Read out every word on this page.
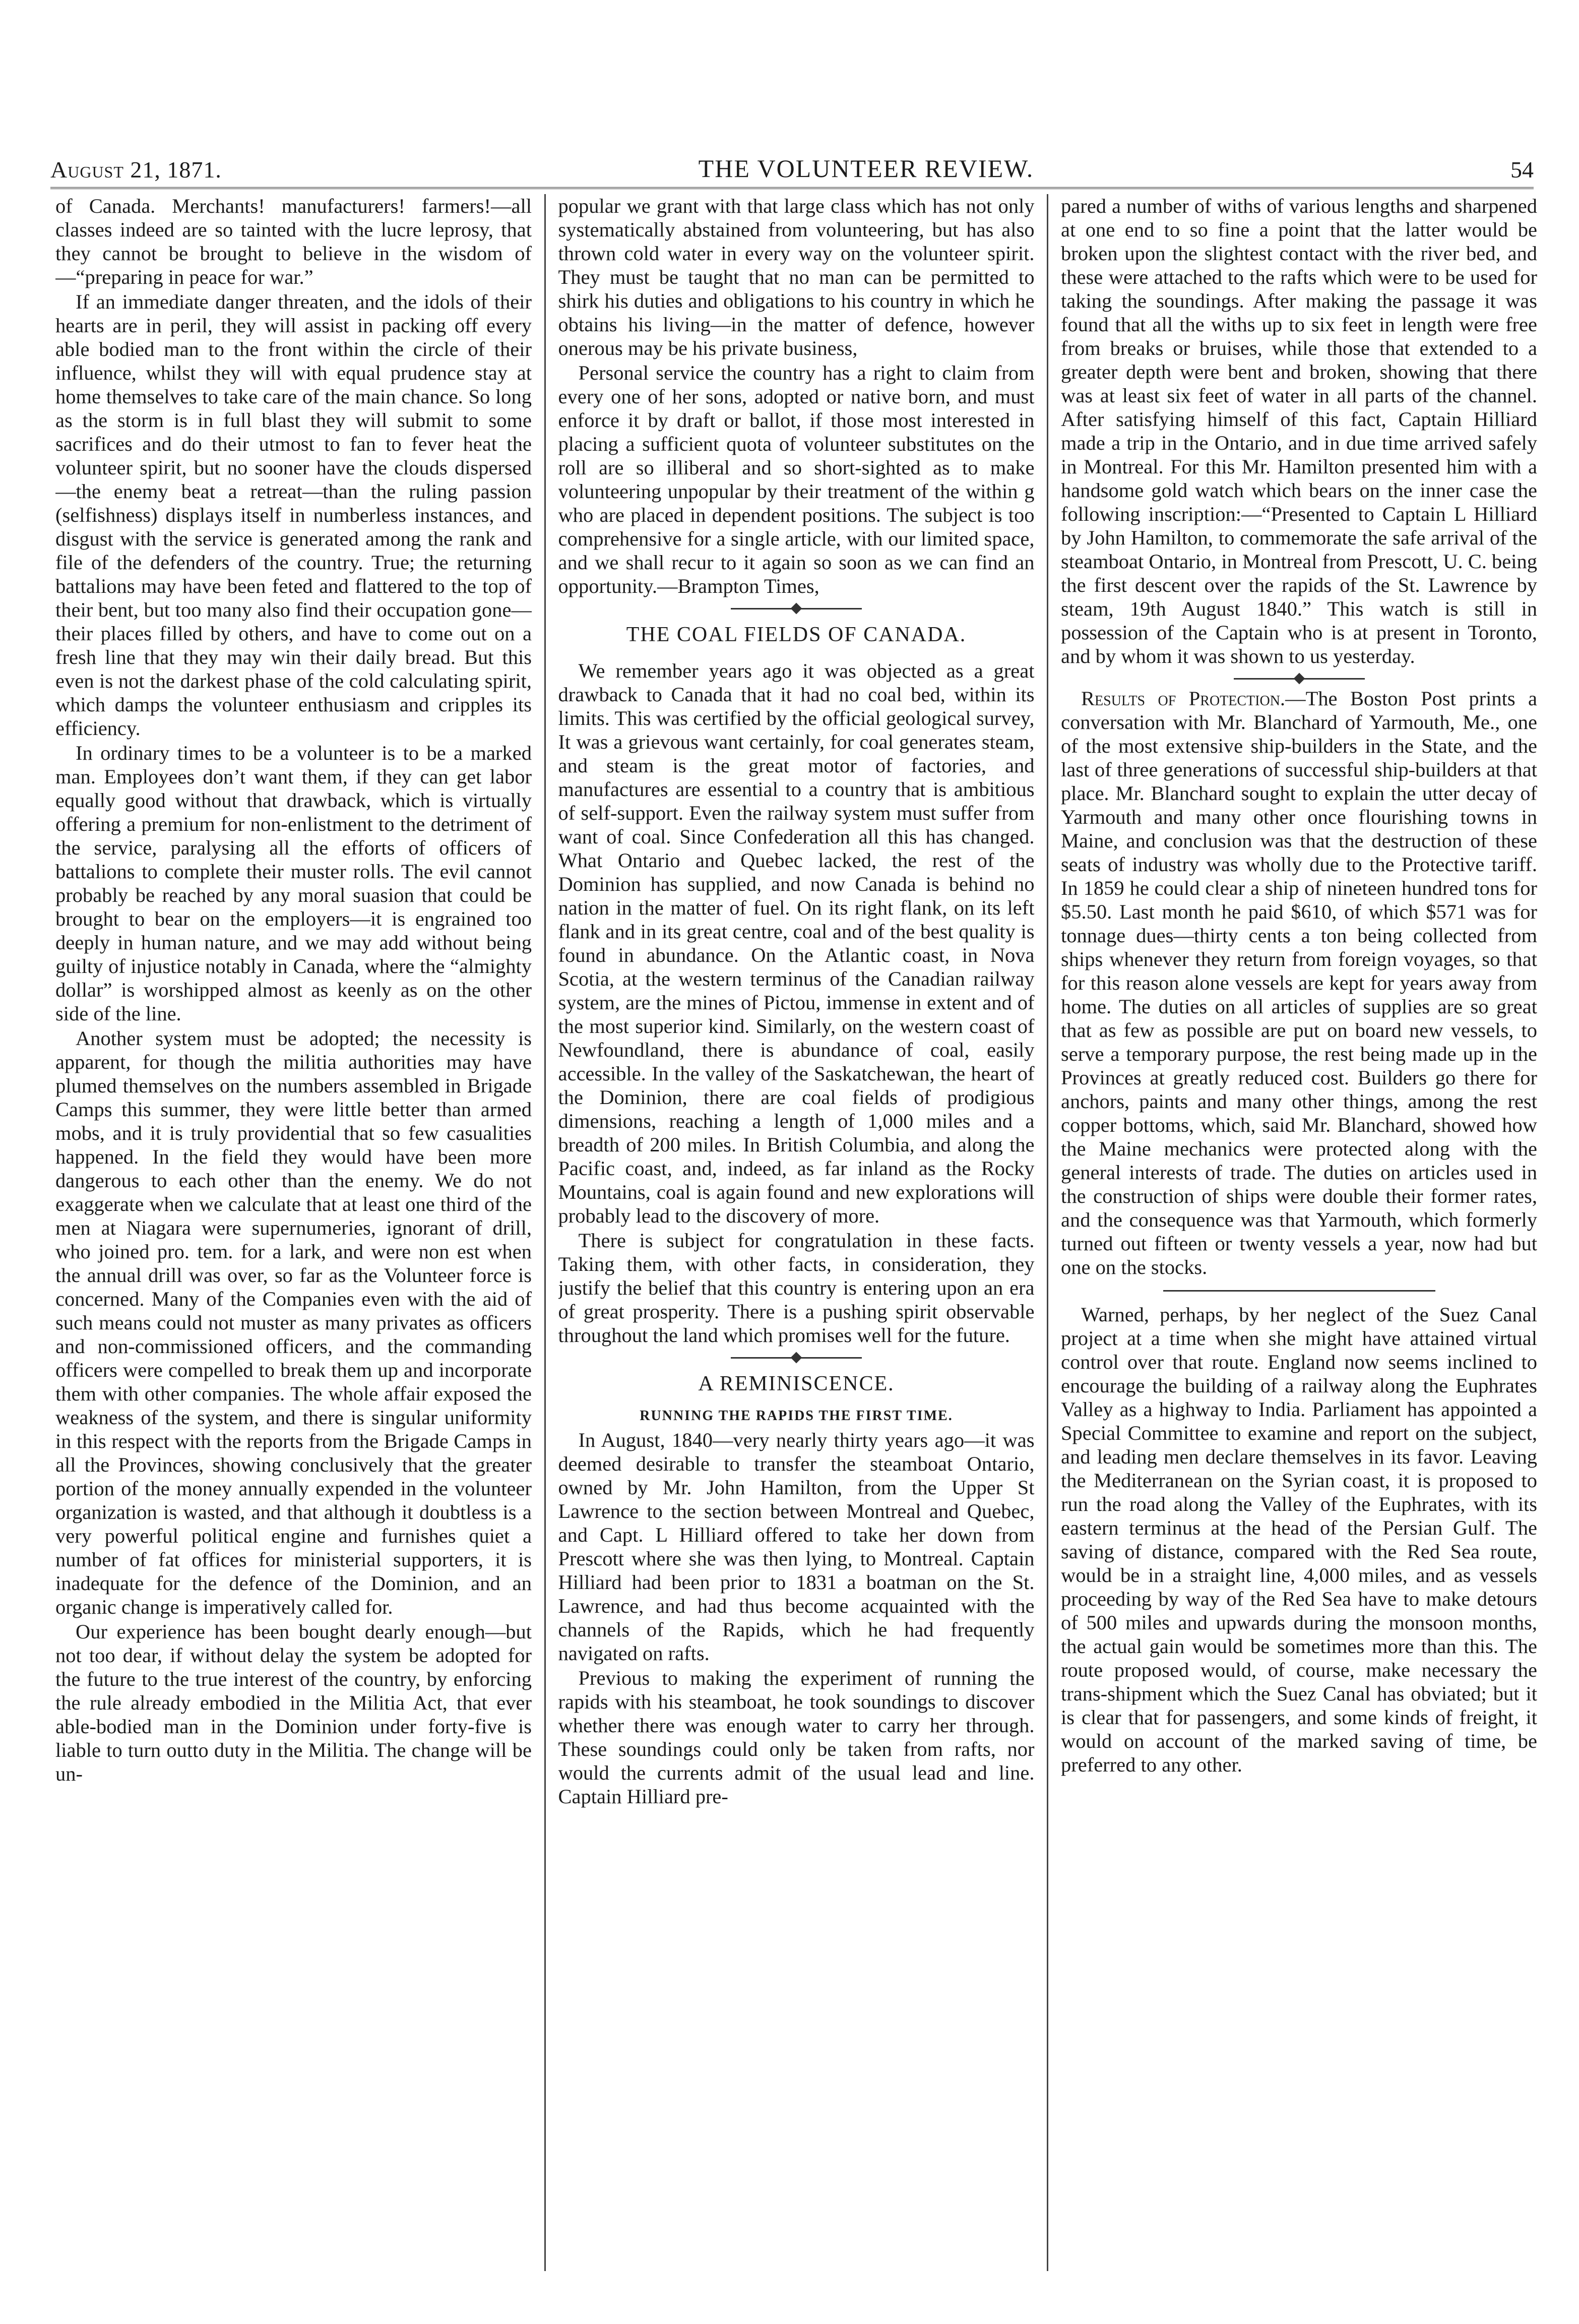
August 21, 1871.	THE VOLUNTEER REVIEW.	54

of Canada. Merchants! manufacturers! farmers!—all classes indeed are so tainted with the lucre leprosy, that they cannot be brought to believe in the wisdom of—“preparing in peace for war.”

If an immediate danger threaten, and the idols of their hearts are in peril, they will assist in packing off every able bodied man to the front within the circle of their influence, whilst they will with equal prudence stay at home themselves to take care of the main chance. So long as the storm is in full blast they will submit to some sacrifices and do their utmost to fan to fever heat the volunteer spirit, but no sooner have the clouds dispersed—the enemy beat a retreat—than the ruling passion (selfishness) displays itself in numberless instances, and disgust with the service is generated among the rank and file of the defenders of the country. True; the returning battalions may have been feted and flattered to the top of their bent, but too many also find their occupation gone—their places filled by others, and have to come out on a fresh line that they may win their daily bread. But this even is not the darkest phase of the cold calculating spirit, which damps the volunteer enthusiasm and cripples its efficiency.

In ordinary times to be a volunteer is to be a marked man. Employees don’t want them, if they can get labor equally good without that drawback, which is virtually offering a premium for non-enlistment to the detriment of the service, paralysing all the efforts of officers of battalions to complete their muster rolls. The evil cannot probably be reached by any moral suasion that could be brought to bear on the employers—it is engrained too deeply in human nature, and we may add without being guilty of injustice notably in Canada, where the “almighty dollar” is worshipped almost as keenly as on the other side of the line.

Another system must be adopted; the necessity is apparent, for though the militia authorities may have plumed themselves on the numbers assembled in Brigade Camps this summer, they were little better than armed mobs, and it is truly providential that so few casualities happened. In the field they would have been more dangerous to each other than the enemy. We do not exaggerate when we calculate that at least one third of the men at Niagara were supernumeries, ignorant of drill, who joined pro. tem. for a lark, and were non est when the annual drill was over, so far as the Volunteer force is concerned. Many of the Companies even with the aid of such means could not muster as many privates as officers and non-commissioned officers, and the commanding officers were compelled to break them up and incorporate them with other companies. The whole affair exposed the weakness of the system, and there is singular uniformity in this respect with the reports from the Brigade Camps in all the Provinces, showing conclusively that the greater portion of the money annually expended in the volunteer organization is wasted, and that although it doubtless is a very powerful political engine and furnishes quiet a number of fat offices for ministerial supporters, it is inadequate for the defence of the Dominion, and an organic change is imperatively called for.

Our experience has been bought dearly enough—but not too dear, if without delay the system be adopted for the future to the true interest of the country, by enforcing the rule already embodied in the Militia Act, that ever able-bodied man in the Dominion under forty-five is liable to turn outto duty in the Militia. The change will be un-

popular we grant with that large class which has not only systematically abstained from volunteering, but has also thrown cold water in every way on the volunteer spirit. They must be taught that no man can be permitted to shirk his duties and obligations to his country in which he obtains his living—in the matter of defence, however onerous may be his private business,

Personal service the country has a right to claim from every one of her sons, adopted or native born, and must enforce it by draft or ballot, if those most interested in placing a sufficient quota of volunteer substitutes on the roll are so illiberal and so short-sighted as to make volunteering unpopular by their treatment of the within g who are placed in dependent positions. The subject is too comprehensive for a single article, with our limited space, and we shall recur to it again so soon as we can find an opportunity.—Brampton Times,

THE COAL FIELDS OF CANADA.

We remember years ago it was objected as a great drawback to Canada that it had no coal bed, within its limits. This was certified by the official geological survey, It was a grievous want certainly, for coal generates steam, and steam is the great motor of factories, and manufactures are essential to a country that is ambitious of self-support. Even the railway system must suffer from want of coal. Since Confederation all this has changed. What Ontario and Quebec lacked, the rest of the Dominion has supplied, and now Canada is behind no nation in the matter of fuel. On its right flank, on its left flank and in its great centre, coal and of the best quality is found in abundance. On the Atlantic coast, in Nova Scotia, at the western terminus of the Canadian railway system, are the mines of Pictou, immense in extent and of the most superior kind. Similarly, on the western coast of Newfoundland, there is abundance of coal, easily accessible. In the valley of the Saskatchewan, the heart of the Dominion, there are coal fields of prodigious dimensions, reaching a length of 1,000 miles and a breadth of 200 miles. In British Columbia, and along the Pacific coast, and, indeed, as far inland as the Rocky Mountains, coal is again found and new explorations will probably lead to the discovery of more.

There is subject for congratulation in these facts. Taking them, with other facts, in consideration, they justify the belief that this country is entering upon an era of great prosperity. There is a pushing spirit observable throughout the land which promises well for the future.

A REMINISCENCE.
RUNNING THE RAPIDS THE FIRST TIME.

In August, 1840—very nearly thirty years ago—it was deemed desirable to transfer the steamboat Ontario, owned by Mr. John Hamilton, from the Upper St Lawrence to the section between Montreal and Quebec, and Capt. L Hilliard offered to take her down from Prescott where she was then lying, to Montreal. Captain Hilliard had been prior to 1831 a boatman on the St. Lawrence, and had thus become acquainted with the channels of the Rapids, which he had frequently navigated on rafts.

Previous to making the experiment of running the rapids with his steamboat, he took soundings to discover whether there was enough water to carry her through. These soundings could only be taken from rafts, nor would the currents admit of the usual lead and line. Captain Hilliard pre-

pared a number of withs of various lengths and sharpened at one end to so fine a point that the latter would be broken upon the slightest contact with the river bed, and these were attached to the rafts which were to be used for taking the soundings. After making the passage it was found that all the withs up to six feet in length were free from breaks or bruises, while those that extended to a greater depth were bent and broken, showing that there was at least six feet of water in all parts of the channel. After satisfying himself of this fact, Captain Hilliard made a trip in the Ontario, and in due time arrived safely in Montreal. For this Mr. Hamilton presented him with a handsome gold watch which bears on the inner case the following inscription:—“Presented to Captain L Hilliard by John Hamilton, to commemorate the safe arrival of the steamboat Ontario, in Montreal from Prescott, U. C. being the first descent over the rapids of the St. Lawrence by steam, 19th August 1840.” This watch is still in possession of the Captain who is at present in Toronto, and by whom it was shown to us yesterday.

Results of Protection.—The Boston Post prints a conversation with Mr. Blanchard of Yarmouth, Me., one of the most extensive ship-builders in the State, and the last of three generations of successful ship-builders at that place. Mr. Blanchard sought to explain the utter decay of Yarmouth and many other once flourishing towns in Maine, and conclusion was that the destruction of these seats of industry was wholly due to the Protective tariff. In 1859 he could clear a ship of nineteen hundred tons for $5.50. Last month he paid $610, of which $571 was for tonnage dues—thirty cents a ton being collected from ships whenever they return from foreign voyages, so that for this reason alone vessels are kept for years away from home. The duties on all articles of supplies are so great that as few as possible are put on board new vessels, to serve a temporary purpose, the rest being made up in the Provinces at greatly reduced cost. Builders go there for anchors, paints and many other things, among the rest copper bottoms, which, said Mr. Blanchard, showed how the Maine mechanics were protected along with the general interests of trade. The duties on articles used in the construction of ships were double their former rates, and the consequence was that Yarmouth, which formerly turned out fifteen or twenty vessels a year, now had but one on the stocks.

Warned, perhaps, by her neglect of the Suez Canal project at a time when she might have attained virtual control over that route. England now seems inclined to encourage the building of a railway along the Euphrates Valley as a highway to India. Parliament has appointed a Special Committee to examine and report on the subject, and leading men declare themselves in its favor. Leaving the Mediterranean on the Syrian coast, it is proposed to run the road along the Valley of the Euphrates, with its eastern terminus at the head of the Persian Gulf. The saving of distance, compared with the Red Sea route, would be in a straight line, 4,000 miles, and as vessels proceeding by way of the Red Sea have to make detours of 500 miles and upwards during the monsoon months, the actual gain would be sometimes more than this. The route proposed would, of course, make necessary the trans-shipment which the Suez Canal has obviated; but it is clear that for passengers, and some kinds of freight, it would on account of the marked saving of time, be preferred to any other.
